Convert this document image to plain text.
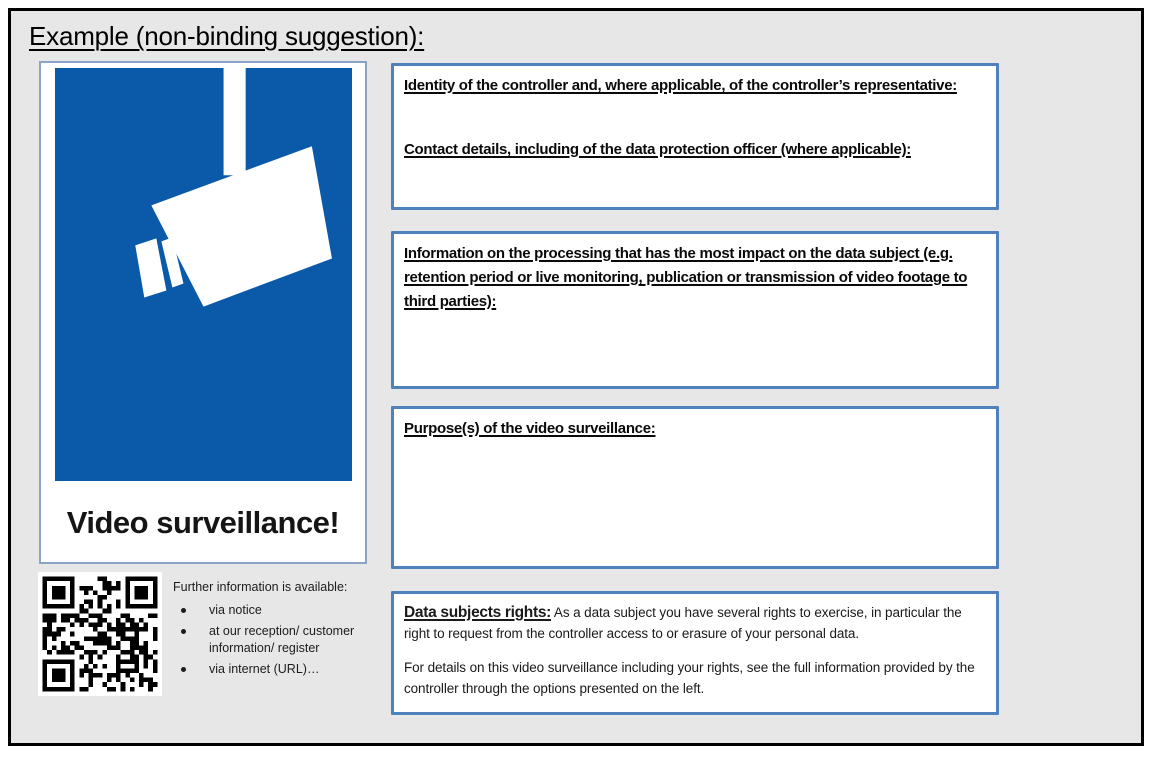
Example (non-binding suggestion):
Video surveillance!
Further information is available:
via notice
at our reception/ customer information/ register
via internet (URL)…
Identity of the controller and, where applicable, of the controller’s representative:
Contact details, including of the data protection officer (where applicable):
Information on the processing that has the most impact on the data subject (e.g. retention period or live monitoring, publication or transmission of video footage to third parties):
Purpose(s) of the video surveillance:

Data subjects rights: As a data subject you have several rights to exercise, in particular the right to request from the controller access to or erasure of your personal data.

For details on this video surveillance including your rights, see the full information provided by the controller through the options presented on the left.
